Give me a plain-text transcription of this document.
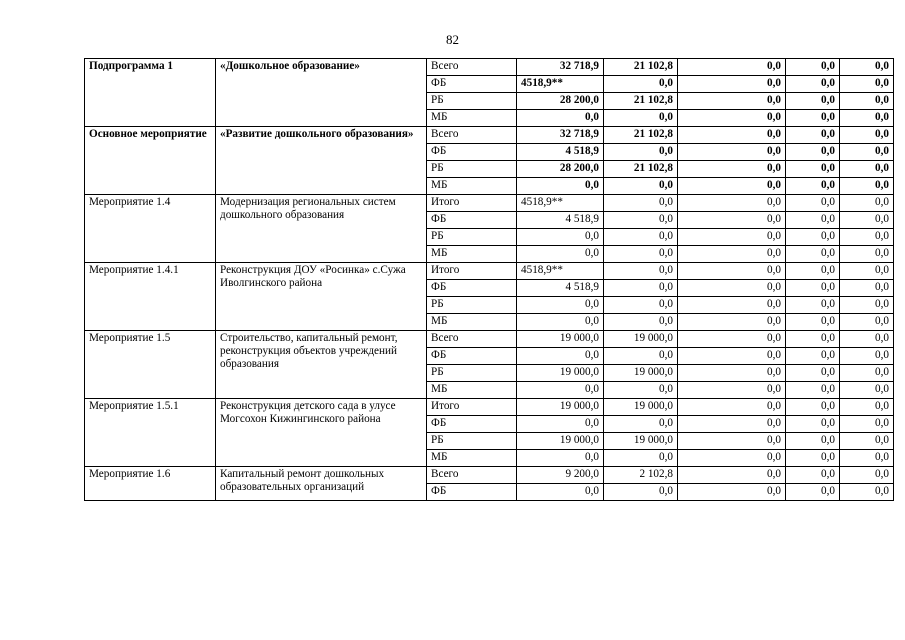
82
Подпрограмма 1	«Дошкольное образование»	Всего	32 718,9	21 102,8	0,0	0,0	0,0
		ФБ	4518,9**	0,0	0,0	0,0	0,0
		РБ	28 200,0	21 102,8	0,0	0,0	0,0
		МБ	0,0	0,0	0,0	0,0	0,0
Основное мероприятие	«Развитие дошкольного образования»	Всего	32 718,9	21 102,8	0,0	0,0	0,0
		ФБ	4 518,9	0,0	0,0	0,0	0,0
		РБ	28 200,0	21 102,8	0,0	0,0	0,0
		МБ	0,0	0,0	0,0	0,0	0,0
Мероприятие 1.4	Модернизация региональных систем дошкольного образования	Итого	4518,9**	0,0	0,0	0,0	0,0
		ФБ	4 518,9	0,0	0,0	0,0	0,0
		РБ	0,0	0,0	0,0	0,0	0,0
		МБ	0,0	0,0	0,0	0,0	0,0
Мероприятие 1.4.1	Реконструкция ДОУ «Росинка» с.Сужа Иволгинского района	Итого	4518,9**	0,0	0,0	0,0	0,0
		ФБ	4 518,9	0,0	0,0	0,0	0,0
		РБ	0,0	0,0	0,0	0,0	0,0
		МБ	0,0	0,0	0,0	0,0	0,0
Мероприятие 1.5	Строительство, капитальный ремонт, реконструкция объектов учреждений образования	Всего	19 000,0	19 000,0	0,0	0,0	0,0
		ФБ	0,0	0,0	0,0	0,0	0,0
		РБ	19 000,0	19 000,0	0,0	0,0	0,0
		МБ	0,0	0,0	0,0	0,0	0,0
Мероприятие 1.5.1	Реконструкция детского сада в улусе Могсохон Кижингинского района	Итого	19 000,0	19 000,0	0,0	0,0	0,0
		ФБ	0,0	0,0	0,0	0,0	0,0
		РБ	19 000,0	19 000,0	0,0	0,0	0,0
		МБ	0,0	0,0	0,0	0,0	0,0
Мероприятие 1.6	Капитальный ремонт дошкольных образовательных организаций	Всего	9 200,0	2 102,8	0,0	0,0	0,0
		ФБ	0,0	0,0	0,0	0,0	0,0
